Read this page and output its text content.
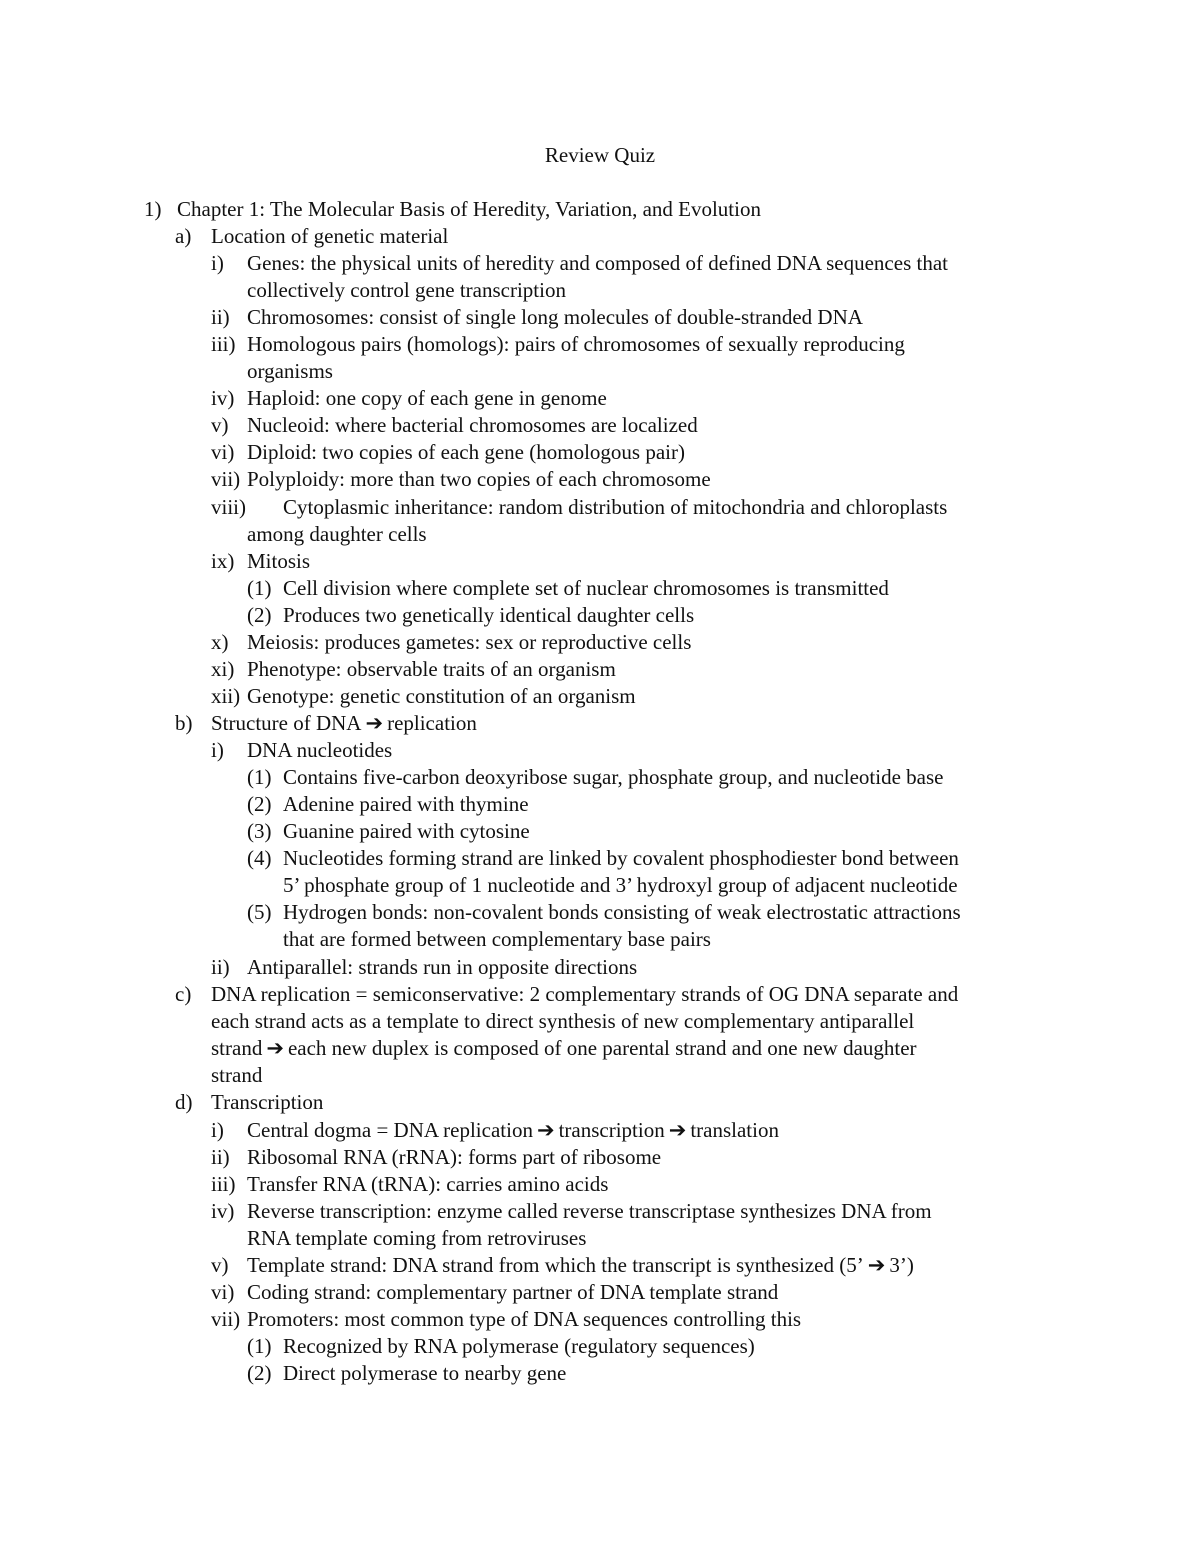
Review Quiz
1) Chapter 1: The Molecular Basis of Heredity, Variation, and Evolution
a) Location of genetic material
i)	Genes: the physical units of heredity and composed of defined DNA sequences that
collectively control gene transcription
ii) Chromosomes: consist of single long molecules of double-stranded DNA
iii) Homologous pairs (homologs): pairs of chromosomes of sexually reproducing
organisms
iv) Haploid: one copy of each gene in genome
v) Nucleoid: where bacterial chromosomes are localized
vi) Diploid: two copies of each gene (homologous pair)
vii) Polyploidy: more than two copies of each chromosome
viii)	Cytoplasmic inheritance: random distribution of mitochondria and chloroplasts
among daughter cells
ix) Mitosis
(1) Cell division where complete set of nuclear chromosomes is transmitted
(2) Produces two genetically identical daughter cells
x) Meiosis: produces gametes: sex or reproductive cells
xi) Phenotype: observable traits of an organism
xii) Genotype: genetic constitution of an organism
b) Structure of DNA ➔ replication
i)	DNA nucleotides
(1) Contains five-carbon deoxyribose sugar, phosphate group, and nucleotide base
(2) Adenine paired with thymine
(3) Guanine paired with cytosine
(4) Nucleotides forming strand are linked by covalent phosphodiester bond between
5’ phosphate group of 1 nucleotide and 3’ hydroxyl group of adjacent nucleotide
(5) Hydrogen bonds: non-covalent bonds consisting of weak electrostatic attractions
that are formed between complementary base pairs
ii) Antiparallel: strands run in opposite directions
c) DNA replication = semiconservative: 2 complementary strands of OG DNA separate and
each strand acts as a template to direct synthesis of new complementary antiparallel
strand ➔ each new duplex is composed of one parental strand and one new daughter
strand
d) Transcription
i)	Central dogma = DNA replication ➔ transcription ➔ translation
ii) Ribosomal RNA (rRNA): forms part of ribosome
iii) Transfer RNA (tRNA): carries amino acids
iv) Reverse transcription: enzyme called reverse transcriptase synthesizes DNA from
RNA template coming from retroviruses
v) Template strand: DNA strand from which the transcript is synthesized (5’ ➔ 3’)
vi) Coding strand: complementary partner of DNA template strand
vii) Promoters: most common type of DNA sequences controlling this
(1) Recognized by RNA polymerase (regulatory sequences)
(2) Direct polymerase to nearby gene
